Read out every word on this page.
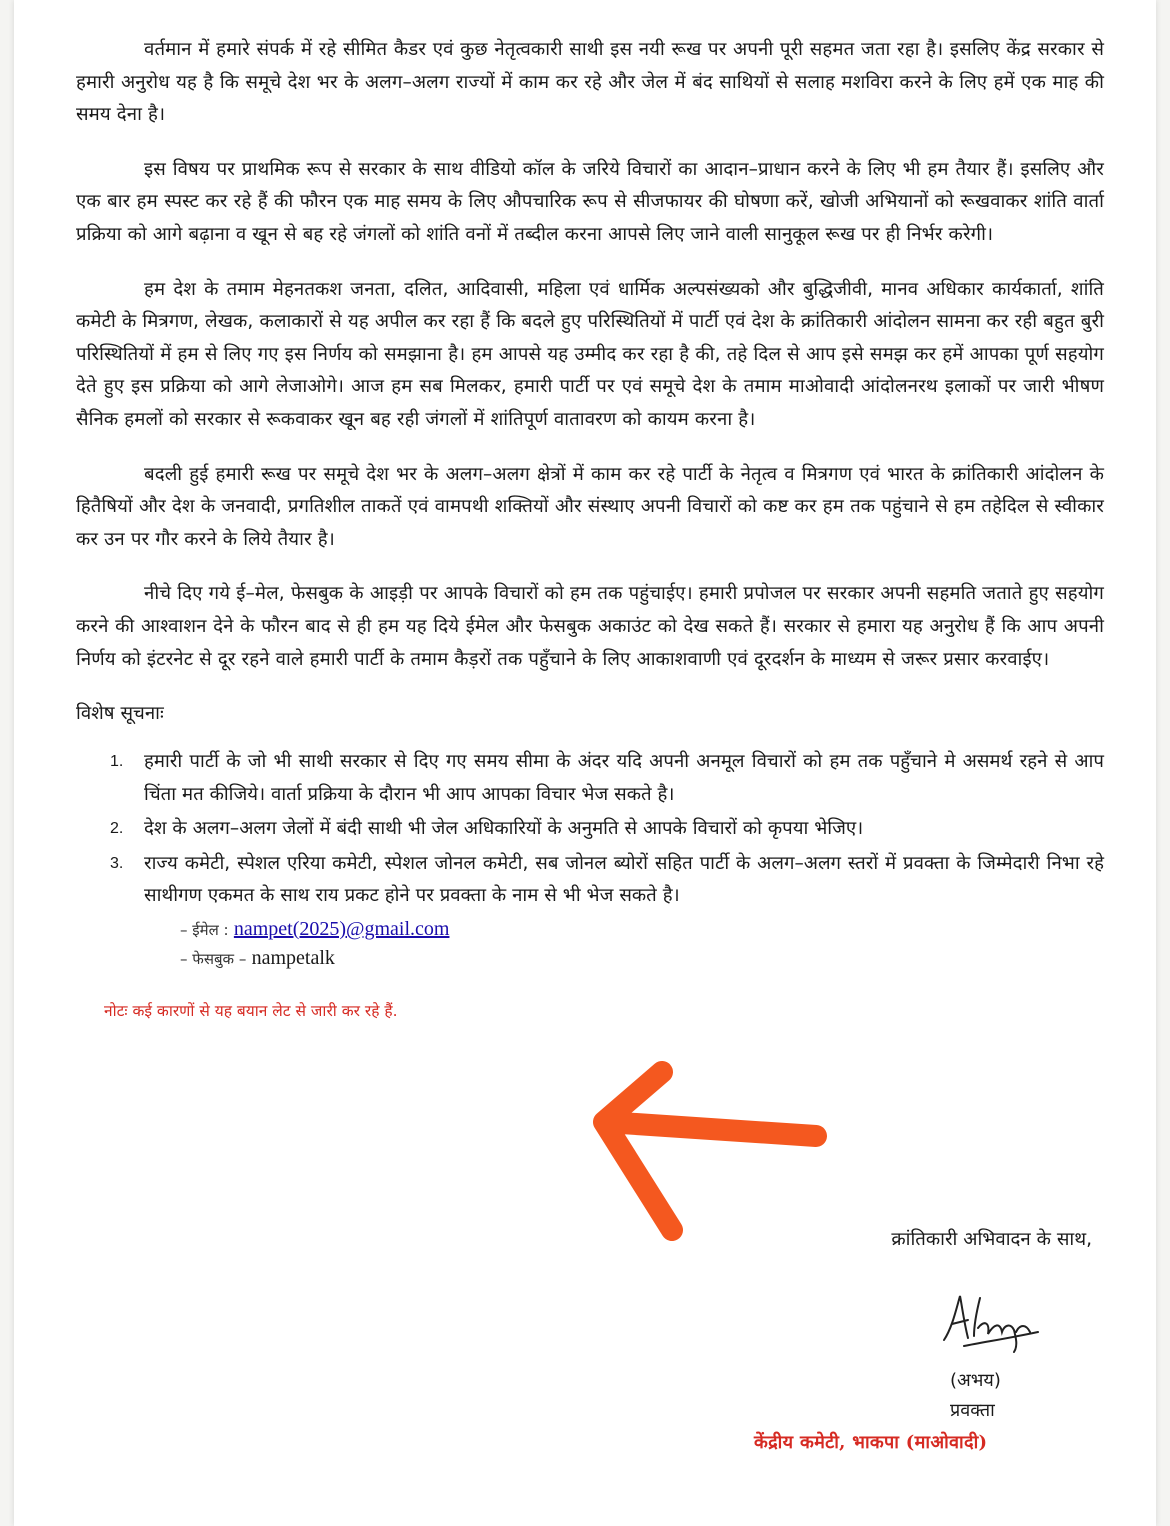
वर्तमान में हमारे संपर्क में रहे सीमित कैडर एवं कुछ नेतृत्वकारी साथी इस नयी रूख पर अपनी पूरी सहमत जता रहा है। इसलिए केंद्र सरकार से हमारी अनुरोध यह है कि समूचे देश भर के अलग–अलग राज्यों में काम कर रहे और जेल में बंद साथियों से सलाह मशविरा करने के लिए हमें एक माह की समय देना है।

इस विषय पर प्राथमिक रूप से सरकार के साथ वीडियो कॉल के जरिये विचारों का आदान–प्राधान करने के लिए भी हम तैयार हैं। इसलिए और एक बार हम स्पस्ट कर रहे हैं की फौरन एक माह समय के लिए औपचारिक रूप से सीजफायर की घोषणा करें, खोजी अभियानों को रूखवाकर शांति वार्ता प्रक्रिया को आगे बढ़ाना व खून से बह रहे जंगलों को शांति वनों में तब्दील करना आपसे लिए जाने वाली सानुकूल रूख पर ही निर्भर करेगी।

हम देश के तमाम मेहनतकश जनता, दलित, आदिवासी, महिला एवं धार्मिक अल्पसंख्यको और बुद्धिजीवी, मानव अधिकार कार्यकार्ता, शांति कमेटी के मित्रगण, लेखक, कलाकारों से यह अपील कर रहा हैं कि बदले हुए परिस्थितियों में पार्टी एवं देश के क्रांतिकारी आंदोलन सामना कर रही बहुत बुरी परिस्थितियों में हम से लिए गए इस निर्णय को समझाना है। हम आपसे यह उम्मीद कर रहा है की, तहे दिल से आप इसे समझ कर हमें आपका पूर्ण सहयोग देते हुए इस प्रक्रिया को आगे लेजाओगे। आज हम सब मिलकर, हमारी पार्टी पर एवं समूचे देश के तमाम माओवादी आंदोलनरथ इलाकों पर जारी भीषण सैनिक हमलों को सरकार से रूकवाकर खून बह रही जंगलों में शांतिपूर्ण वातावरण को कायम करना है।

बदली हुई हमारी रूख पर समूचे देश भर के अलग–अलग क्षेत्रों में काम कर रहे पार्टी के नेतृत्व व मित्रगण एवं भारत के क्रांतिकारी आंदोलन के हितैषियों और देश के जनवादी, प्रगतिशील ताकतें एवं वामपथी शक्तियों और संस्थाए अपनी विचारों को कष्ट कर हम तक पहुंचाने से हम तहेदिल से स्वीकार कर उन पर गौर करने के लिये तैयार है।

नीचे दिए गये ई–मेल, फेसबुक के आइड़ी पर आपके विचारों को हम तक पहुंचाईए। हमारी प्रपोजल पर सरकार अपनी सहमति जताते हुए सहयोग करने की आश्वाशन देने के फौरन बाद से ही हम यह दिये ईमेल और फेसबुक अकाउंट को देख सकते हैं। सरकार से हमारा यह अनुरोध हैं कि आप अपनी निर्णय को इंटरनेट से दूर रहने वाले हमारी पार्टी के तमाम कैड़रों तक पहुँचाने के लिए आकाशवाणी एवं दूरदर्शन के माध्यम से जरूर प्रसार करवाईए।

विशेष सूचनाः
1. हमारी पार्टी के जो भी साथी सरकार से दिए गए समय सीमा के अंदर यदि अपनी अनमूल विचारों को हम तक पहुँचाने मे असमर्थ रहने से आप चिंता मत कीजिये। वार्ता प्रक्रिया के दौरान भी आप आपका विचार भेज सकते है।
2. देश के अलग–अलग जेलों में बंदी साथी भी जेल अधिकारियों के अनुमति से आपके विचारों को कृपया भेजिए।
3. राज्य कमेटी, स्पेशल एरिया कमेटी, स्पेशल जोनल कमेटी, सब जोनल ब्योरों सहित पार्टी के अलग–अलग स्तरों में प्रवक्ता के जिम्मेदारी निभा रहे साथीगण एकमत के साथ राय प्रकट होने पर प्रवक्ता के नाम से भी भेज सकते है।
– ईमेल : nampet(2025)@gmail.com
– फेसबुक – nampetalk
नोटः कई कारणों से यह बयान लेट से जारी कर रहे हैं.
क्रांतिकारी अभिवादन के साथ,
(अभय)
प्रवक्ता
केंद्रीय कमेटी, भाकपा (माओवादी)
